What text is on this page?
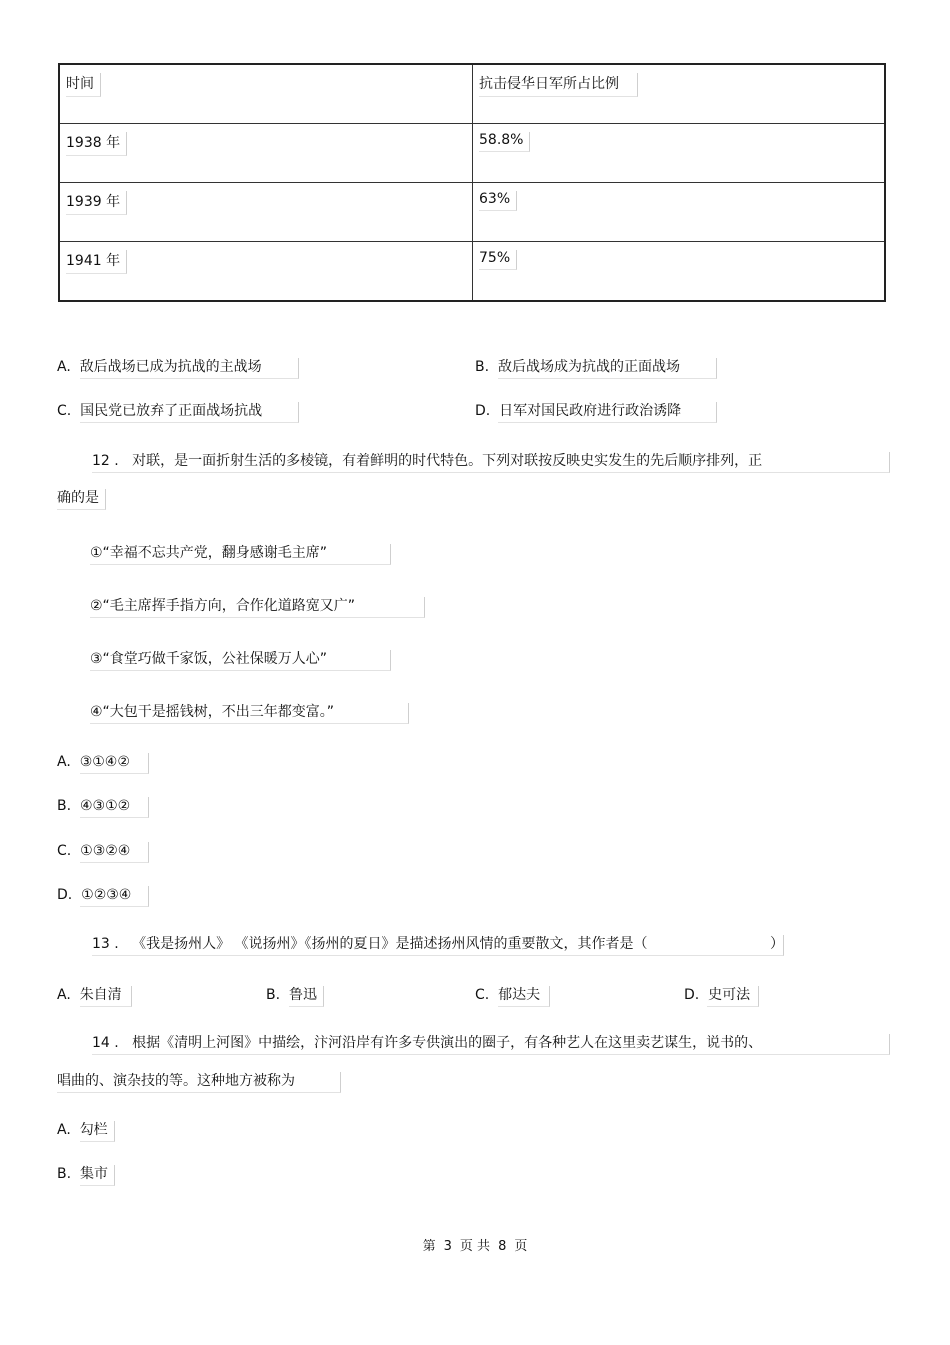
时间	抗击侵华日军所占比例
1938 年	58.8%
1939 年	63%
1941 年	75%
A. 敌后战场已成为抗战的主战场	B. 敌后战场成为抗战的正面战场
C. 国民党已放弃了正面战场抗战	D. 日军对国民政府进行政治诱降
12 . 对联，是一面折射生活的多棱镜，有着鲜明的时代特色。下列对联按反映史实发生的先后顺序排列，正
确的是
①“幸福不忘共产党，翻身感谢毛主席”
②“毛主席挥手指方向，合作化道路宽又广”
③“食堂巧做千家饭，公社保暖万人心”
④“大包干是摇钱树，不出三年都变富。”
A. ③①④②
B. ④③①②
C. ①③②④
D. ①②③④
13 . 《我是扬州人》 《说扬州》《扬州的夏日》是描述扬州风情的重要散文，其作者是（	）
A. 朱自清	B. 鲁迅	C. 郁达夫	D. 史可法
14 . 根据《清明上河图》中描绘，汴河沿岸有许多专供演出的圈子，有各种艺人在这里卖艺谋生，说书的、
唱曲的、演杂技的等。这种地方被称为
A. 勾栏
B. 集市
第 3 页 共 8 页
